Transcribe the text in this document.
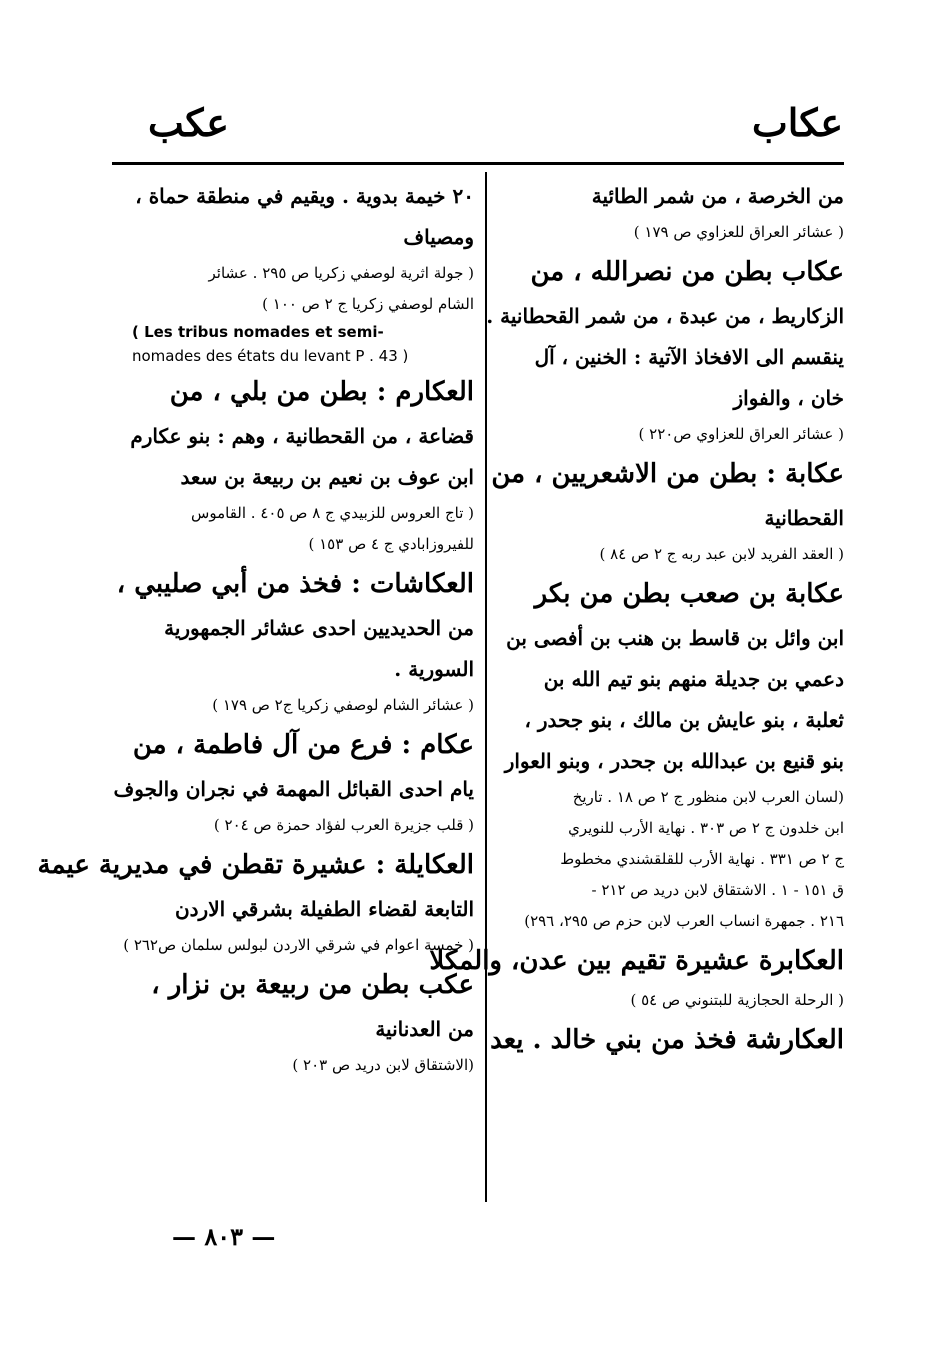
عكاب
عكب

من الخرصة ، من شمر الطائية

( عشائر العراق للعزاوي ص ١٧٩ )

عكاب بطن من نصرالله ، من

الزكاريط ، من عبدة ، من شمر القحطانية .

ينقسم الى الافخاذ الآتية : الخنين ، آل

خان ، والفواز

( عشائر العراق للعزاوي ص٢٢٠ )

عكابة : بطن من الاشعريين ، من

القحطانية

( العقد الفريد لابن عبد ربه ج ٢ ص ٨٤ )

عكابة بن صعب بطن من بكر

ابن وائل بن قاسط بن هنب بن أفصى بن

دعمي بن جديلة منهم بنو تيم الله بن

ثعلبة ، بنو عايش بن مالك ، بنو جحدر ،

بنو قنيع بن عبدالله بن جحدر ، وبنو العوار

(لسان العرب لابن منظور ج ٢ ص ١٨ . تاريخ

ابن خلدون ج ٢ ص ٣٠٣ . نهاية الأرب للنويري

ج ٢ ص ٣٣١ . نهاية الأرب للقلقشندي مخطوط

ق ١٥١ - ١ . الاشتقاق لابن دريد ص ٢١٢ -

٢١٦ . جمهرة انساب العرب لابن حزم ص ٢٩٥، ٢٩٦)

العكابرة عشيرة تقيم بين عدن، والمكلا

( الرحلة الحجازية للبتنوني ص ٥٤ )

العكارشة فخذ من بني خالد . يعد

٢٠ خيمة بدوية . ويقيم في منطقة حماة ،

ومصياف

( جولة اثرية لوصفي زكريا ص ٢٩٥ . عشائر

الشام لوصفي زكريا ج ٢ ص ١٠٠ )

( Les tribus nomades et semi-

nomades des états du levant P . 43 )

العكارم : بطن من بلي ، من

قضاعة ، من القحطانية ، وهم : بنو عكارم

ابن عوف بن نعيم بن ربيعة بن سعد

( تاج العروس للزبيدي ج ٨ ص ٤٠٥ . القاموس

للفيروزابادي ج ٤ ص ١٥٣ )

العكاشات : فخذ من أبي صليبي ،

من الحديديين احدى عشائر الجمهورية

السورية .

( عشائر الشام لوصفي زكريا ج٢ ص ١٧٩ )

عكام : فرع من آل فاطمة ، من

يام احدى القبائل المهمة في نجران والجوف

( قلب جزيرة العرب لفؤاد حمزة ص ٢٠٤ )

العكايلة : عشيرة تقطن في مديرية عيمة

التابعة لقضاء الطفيلة بشرقي الاردن

( خمسة اعوام في شرقي الاردن لبولس سلمان ص٢٦٢ )

عكب بطن من ربيعة بن نزار ،

من العدنانية

(الاشتقاق لابن دريد ص ٢٠٣ )

— ٨٠٣ —
